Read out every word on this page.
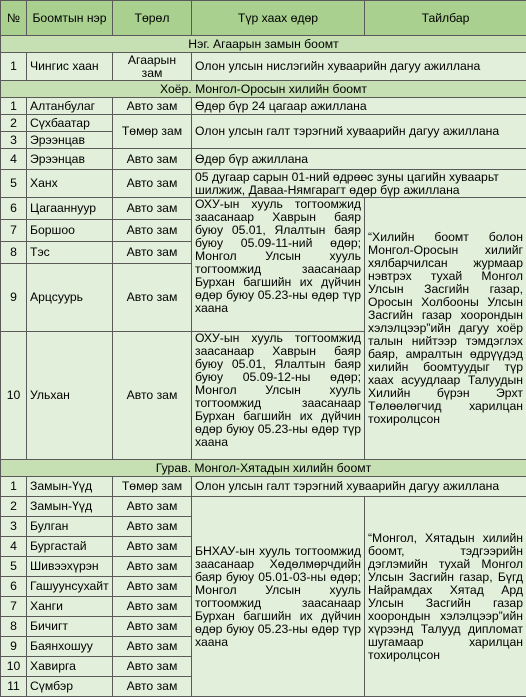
№	Боомтын нэр	Төрөл	Түр хаах өдөр	Тайлбар
Нэг. Агаарын замын боомт				
1	Чингис хаан	Агаарын зам	Олон улсын нислэгийн хуваарийн дагуу ажиллана	
Хоёр. Монгол-Оросын хилийн боомт				
1	Алтанбулаг	Авто зам	Өдөр бүр 24 цагаар ажиллана	
2	Сүхбаатар	Төмөр зам	Олон улсын галт тэрэгний хуваарийн дагуу ажиллана	
3	Эрээнцав			
4	Эрээнцав	Авто зам	Өдөр бүр ажиллана	
5	Ханх	Авто зам	05 дугаар сарын 01-ний өдрөөс зуны цагийн хуваарьт шилжиж, Даваа-Нямгарагт өдөр бүр ажиллана	
6	Цагааннуур	Авто зам	ОХУ-ын хууль тогтоомжид заасанаар Хаврын баяр буюу 05.01, Ялалтын баяр буюу 05.09-11-ний өдөр; Монгол Улсын хууль тогтоомжид заасанаар Бурхан багшийн их дүйчин өдөр буюу 05.23-ны өдөр түр хаана	“Хилийн боомт болон Монгол-Оросын хилийг хялбарчилсан журмаар нэвтрэх тухай Монгол Улсын Засгийн газар, Оросын Холбооны Улсын Засгийн газар хоорондын хэлэлцээр”ийн дагуу хоёр талын нийтээр тэмдэглэх баяр, амралтын өдрүүдэд хилийн боомтуудыг түр хаах асуудлаар Талуудын Хилийн бүрэн Эрхт Төлөөлөгчид харилцан тохиролцсон
7	Боршоо	Авто зам		
8	Тэс	Авто зам		
9	Арцсуурь	Авто зам		
10	Ульхан	Авто зам	ОХУ-ын хууль тогтоомжид заасанаар Хаврын баяр буюу 05.01, Ялалтын баяр буюу 05.09-12-ны өдөр; Монгол Улсын хууль тогтоомжид заасанаар Бурхан багшийн их дүйчин өдөр буюу 05.23-ны өдөр түр хаана	
Гурав. Монгол-Хятадын хилийн боомт				
1	Замын-Үүд	Төмөр зам	Олон улсын галт тэрэгний хуваарийн дагуу ажиллана	
2	Замын-Үүд	Авто зам	БНХАУ-ын хууль тогтоомжид заасанаар Хөдөлмөрчдийн баяр буюу 05.01-03-ны өдөр; Монгол Улсын хууль тогтоомжид заасанаар Бурхан багшийн их дүйчин өдөр буюу 05.23-ны өдөр түр хаана	“Монгол, Хятадын хилийн боомт, тэдгээрийн дэглэмийн тухай Монгол Улсын Засгийн газар, Бүгд Найрамдах Хятад Ард Улсын Засгийн газар хоорондын хэлэлцээр”ийн хүрээнд Талууд дипломат шугамаар харилцан тохиролцсон
3	Булган	Авто зам		
4	Бургастай	Авто зам		
5	Шивээхүрэн	Авто зам		
6	Гашуунсухайт	Авто зам		
7	Ханги	Авто зам		
8	Бичигт	Авто зам		
9	Баянхошуу	Авто зам		
10	Хавирга	Авто зам		
11	Сүмбэр	Авто зам		
